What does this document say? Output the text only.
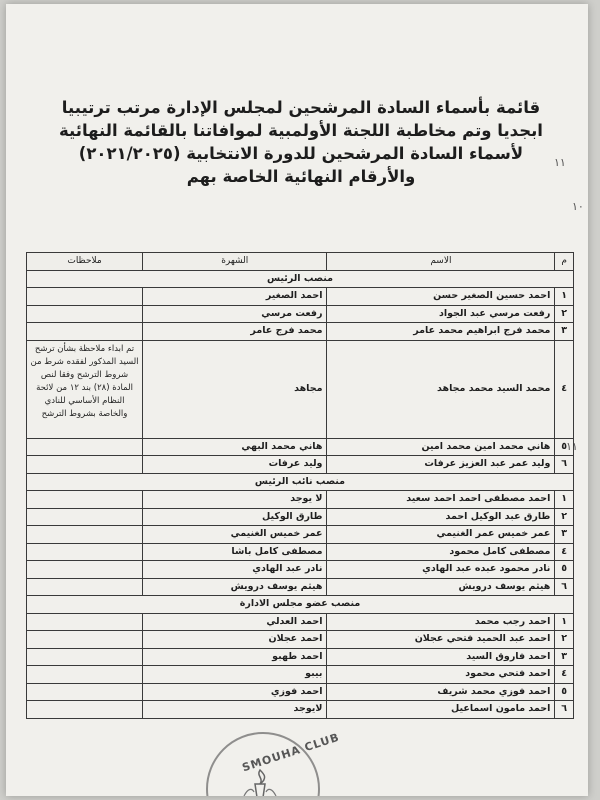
قائمة بأسماء السادة المرشحين لمجلس الإدارة مرتب ترتيبيا
ابجديا وتم مخاطبة اللجنة الأولمبية لموافاتنا بالقائمة النهائية
لأسماء السادة المرشحين للدورة الانتخابية (٢٠٢١/٢٠٢٥)
والأرقام النهائية الخاصة بهم
١١
١٠
١١
م	الاسم	الشهرة	ملاحظات
منصب الرئيس			
١	احمد حسين الصغير حسن	احمد الصغير	
٢	رفعت مرسي عبد الجواد	رفعت مرسي	
٣	محمد فرج ابراهيم محمد عامر	محمد فرج عامر	
٤	محمد السيد محمد مجاهد	مجاهد	تم ابداء ملاحظة بشأن ترشح السيد المذكور لفقده شرط من شروط الترشح وفقا لنص المادة (٢٨) بند ١٢ من لائحة النظام الأساسي للنادي والخاصة بشروط الترشح
٥	هاني محمد امين محمد امين	هاني محمد البهي	
٦	وليد عمر عبد العزيز عرفات	وليد عرفات	
منصب نائب الرئيس			
١	احمد مصطفى احمد احمد سعيد	لا يوجد	
٢	طارق عبد الوكيل احمد	طارق الوكيل	
٣	عمر خميس عمر الغنيمي	عمر خميس الغنيمي	
٤	مصطفى كامل محمود	مصطفى كامل باشا	
٥	نادر محمود عبده عبد الهادي	نادر عبد الهادي	
٦	هيثم يوسف درويش	هيثم يوسف درويش	
منصب عضو مجلس الادارة			
١	احمد رجب محمد	احمد العدلي	
٢	احمد عبد الحميد فتحي عجلان	احمد عجلان	
٣	احمد فاروق السيد	احمد طهبو	
٤	احمد فتحي محمود	بيبو	
٥	احمد فوزي محمد شريف	احمد فوزي	
٦	احمد مامون اسماعيل	لايوجد	
SMOUHA CLUB
